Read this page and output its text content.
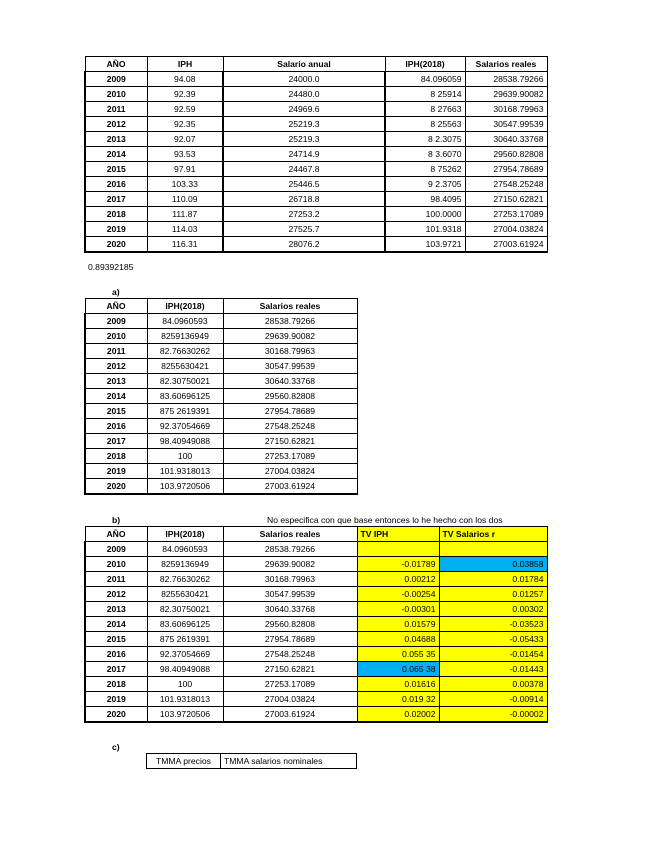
AÑO	IPH	Salario anual	IPH(2018)	Salarios reales
2009	94.08	24000.0	84.096059	28538.79266
2010	92.39	24480.0	8 25914	29639.90082
2011	92.59	24969.6	8 27663	30168.79963
2012	92.35	25219.3	8 25563	30547.99539
2013	92.07	25219.3	8 2.3075	30640.33768
2014	93.53	24714.9	8 3.6070	29560.82808
2015	97.91	24467.8	8 75262	27954.78689
2016	103.33	25446.5	9 2.3705	27548.25248
2017	110.09	26718.8	98.4095	27150.62821
2018	111.87	27253.2	100.0000	27253.17089
2019	114.03	27525.7	101.9318	27004.03824
2020	116.31	28076.2	103.9721	27003.61924
0.89392185
a)
AÑO	IPH(2018)	Salarios reales
2009	84.0960593	28538.79266
2010	8259136949	29639.90082
2011	82.76630262	30168.79963
2012	8255630421	30547.99539
2013	82.30750021	30640.33768
2014	83.60696125	29560.82808
2015	875 2619391	27954.78689
2016	92.37054669	27548.25248
2017	98.40949088	27150.62821
2018	100	27253.17089
2019	101.9318013	27004.03824
2020	103.9720506	27003.61924
b)	No especifica con que base entonces lo he hecho con los dos
AÑO	IPH(2018)	Salarios reales	TV IPH	TV Salarios r
2009	84.0960593	28538.79266		
2010	8259136949	29639.90082	-0.01789	0.03858
2011	82.76630262	30168.79963	0.00212	0.01784
2012	8255630421	30547.99539	-0.00254	0.01257
2013	82.30750021	30640.33768	-0.00301	0.00302
2014	83.60696125	29560.82808	0.01579	-0.03523
2015	875 2619391	27954.78689	0.04688	-0.05433
2016	92.37054669	27548.25248	0.055 35	-0.01454
2017	98.40949088	27150.62821	0.065 38	-0.01443
2018	100	27253.17089	0.01616	0.00378
2019	101.9318013	27004.03824	0.019 32	-0.00914
2020	103.9720506	27003.61924	0.02002	-0.00002
c)
TMMA precios	TMMA salarios nominales
